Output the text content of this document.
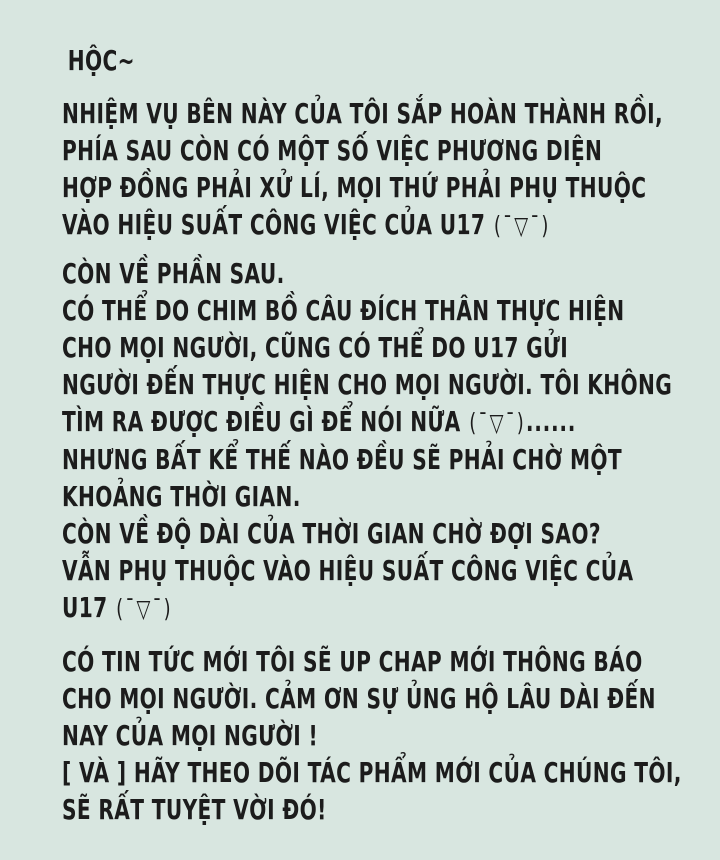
HỘC~
NHIỆM VỤ BÊN NÀY CỦA TÔI SẮP HOÀN THÀNH RỒI,
PHÍA SAU CÒN CÓ MỘT SỐ VIỆC PHƯƠNG DIỆN
HỢP ĐỒNG PHẢI XỬ LÍ, MỌI THỨ PHẢI PHỤ THUỘC
VÀO HIỆU SUẤT CÔNG VIỆC CỦA U17 (¯▽¯)
CÒN VỀ PHẦN SAU.
CÓ THỂ DO CHIM BỒ CÂU ĐÍCH THÂN THỰC HIỆN
CHO MỌI NGƯỜI, CŨNG CÓ THỂ DO U17 GỬI
NGƯỜI ĐẾN THỰC HIỆN CHO MỌI NGƯỜI. TÔI KHÔNG
TÌM RA ĐƯỢC ĐIỀU GÌ ĐỂ NÓI NỮA (¯▽¯)......
NHƯNG BẤT KỂ THẾ NÀO ĐỀU SẼ PHẢI CHỜ MỘT
KHOẢNG THỜI GIAN.
CÒN VỀ ĐỘ DÀI CỦA THỜI GIAN CHỜ ĐỢI SAO?
VẪN PHỤ THUỘC VÀO HIỆU SUẤT CÔNG VIỆC CỦA
U17 (¯▽¯)
CÓ TIN TỨC MỚI TÔI SẼ UP CHAP MỚI THÔNG BÁO
CHO MỌI NGƯỜI. CẢM ƠN SỰ ỦNG HỘ LÂU DÀI ĐẾN
NAY CỦA MỌI NGƯỜI !
[ VÀ ] HÃY THEO DÕI TÁC PHẨM MỚI CỦA CHÚNG TÔI,
SẼ RẤT TUYỆT VỜI ĐÓ!
